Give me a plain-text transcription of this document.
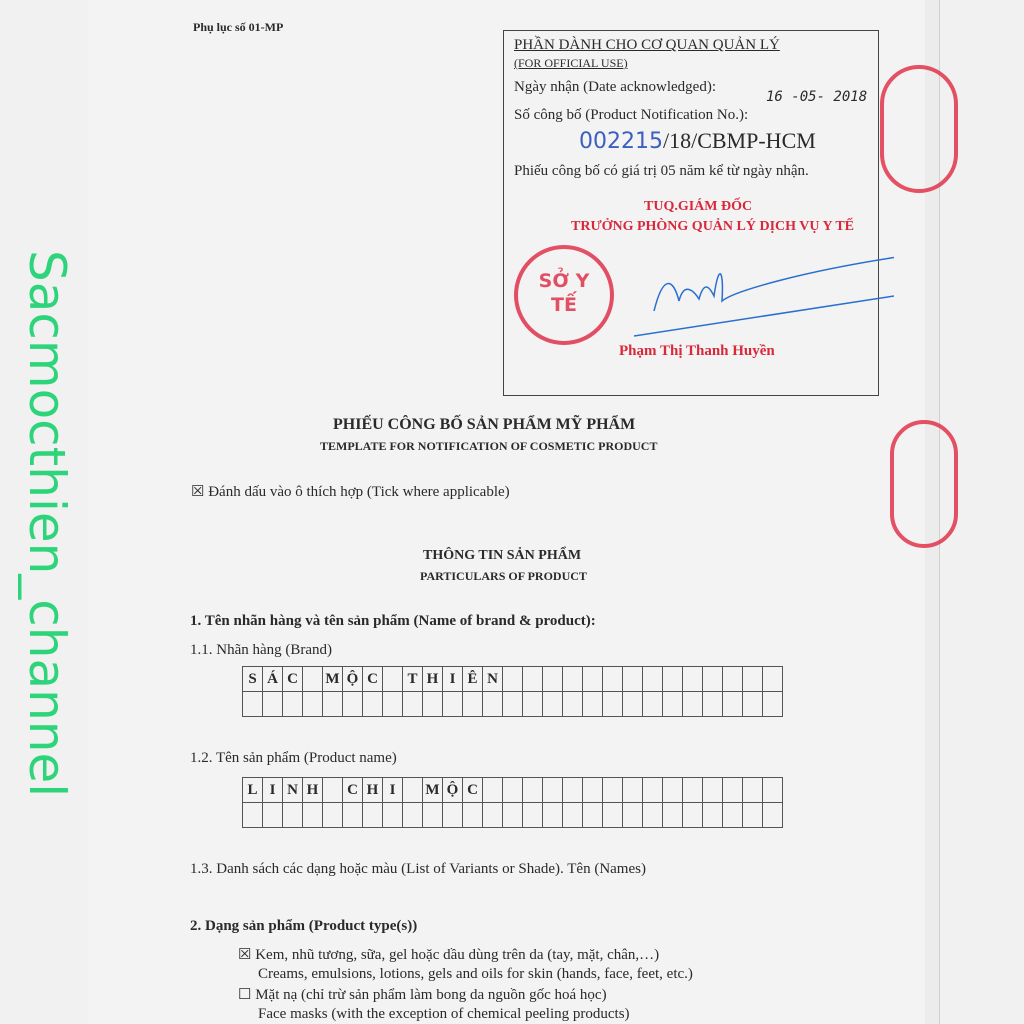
Phụ lục số 01-MP
PHẦN DÀNH CHO CƠ QUAN QUẢN LÝ
(FOR OFFICIAL USE)
Ngày nhận (Date acknowledged):
16 -05- 2018
Số công bố (Product Notification No.):
002215/18/CBMP-HCM
Phiếu công bố có giá trị 05 năm kể từ ngày nhận.
TUQ.GIÁM ĐỐC
TRƯỞNG PHÒNG QUẢN LÝ DỊCH VỤ Y TẾ
SỞ Y TẾ
Phạm Thị Thanh Huyền
PHIẾU CÔNG BỐ SẢN PHẨM MỸ PHẨM
TEMPLATE FOR NOTIFICATION OF COSMETIC PRODUCT
☒ Đánh dấu vào ô thích hợp (Tick where applicable)
THÔNG TIN SẢN PHẨM
PARTICULARS OF PRODUCT
1. Tên nhãn hàng và tên sản phẩm (Name of brand & product):
1.1. Nhãn hàng (Brand)
S	Á	C		M	Ộ	C		T	H	I	Ê	N														

1.2. Tên sản phẩm (Product name)
L	I	N	H		C	H	I		M	Ộ	C															

1.3. Danh sách các dạng hoặc màu (List of Variants or Shade). Tên (Names)
2. Dạng sản phẩm (Product type(s))
☒ Kem, nhũ tương, sữa, gel hoặc dầu dùng trên da (tay, mặt, chân,…)
Creams, emulsions, lotions, gels and oils for skin (hands, face, feet, etc.)
☐ Mặt nạ (chỉ trừ sản phẩm làm bong da nguồn gốc hoá học)
Face masks (with the exception of chemical peeling products)
Sacmocthien_channel
